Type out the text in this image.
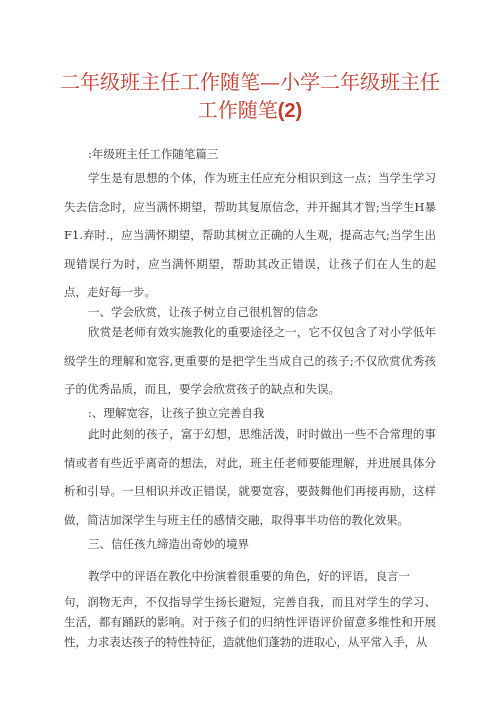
二年级班主任工作随笔—小学二年级班主任
工作随笔(2)

:年级班主任工作随笔篇三

学生是有思想的个体，作为班主任应充分相识到这一点；当学生学习失去信念时，应当满怀期望，帮助其复原信念，并开掘其才智;当学生H暴F1.弃时.，应当满怀期望，帮助其树立正确的人生观，提高志气;当学生出现错误行为时，应当满怀期望，帮助其改正错误，让孩子们在人生的起点，走好每一步。

一、学会欣赏，让孩子树立自己很机智的信念

欣赏是老师有效实施教化的重要途径之一，它不仅包含了对小学低年级学生的理解和宽容,更重要的是把学生当成自己的孩子;不仅欣赏优秀孩子的优秀品质，而且，要学会欣赏孩子的缺点和失误。

:、理解宽容，让孩子独立完善自我

此时此刻的孩子，富于幻想，思维活泼，时时做出一些不合常理的事情或者有些近乎离奇的想法，对此，班主任老师要能理解，并进展具体分析和引导。一旦相识并改正错误，就要宽容，要鼓舞他们再接再励，这样做，简洁加深学生与班主任的感情交融，取得事半功倍的教化效果。

三、信任孩九缔造出奇妙的境界

教学中的评语在教化中扮演着很重要的角色，好的评语，良言一

句，润物无声，不仅指导学生扬长避短，完善自我，而且对学生的学习、生活，都有踊跃的影响。对于孩子们的归纳性评语评价留意多维性和开展性，力求表达孩子的特性特征，造就他们蓬勃的进取心，从平常入手，从
